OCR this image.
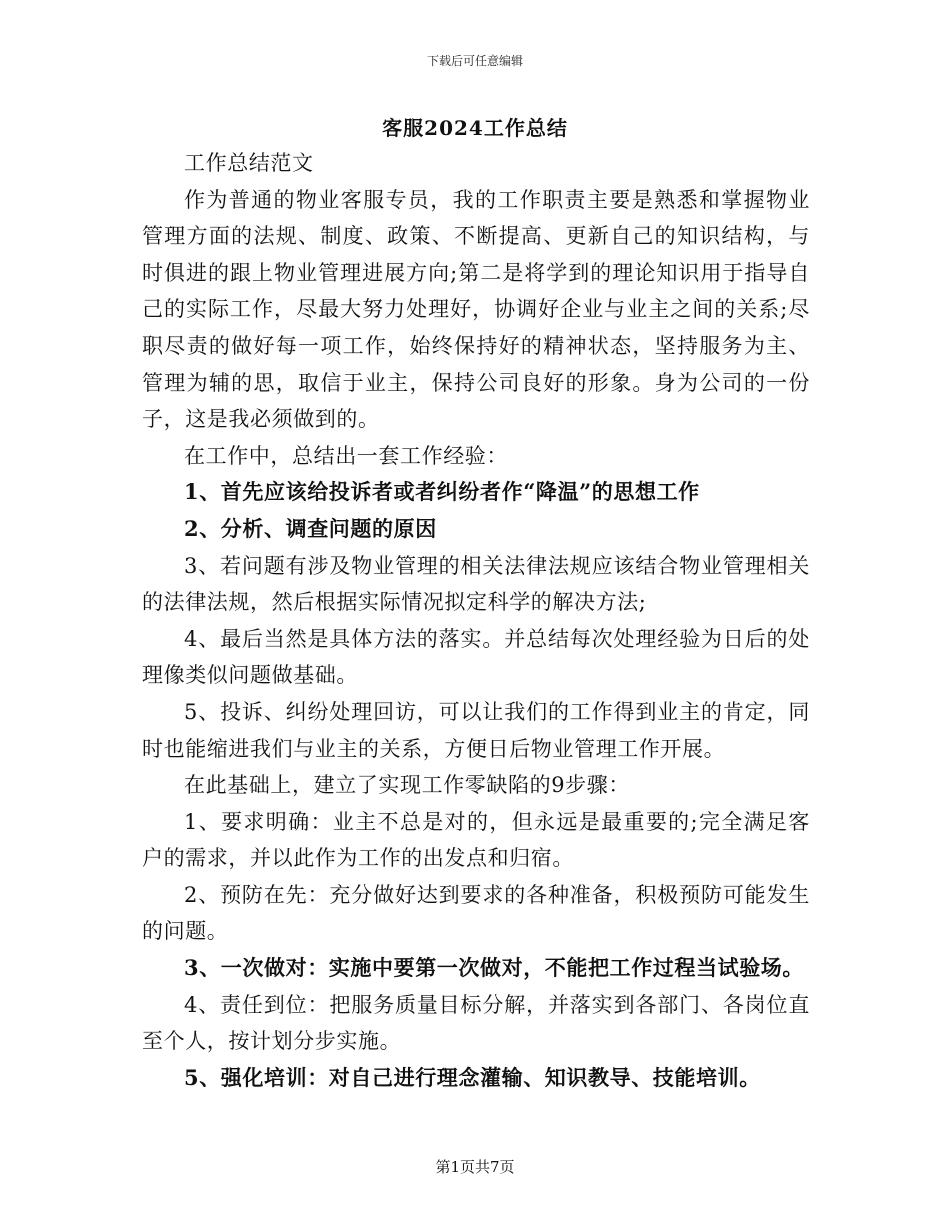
下载后可任意编辑
客服2024工作总结

工作总结范文

作为普通的物业客服专员，我的工作职责主要是熟悉和掌握物业管理方面的法规、制度、政策、不断提高、更新自己的知识结构，与时俱进的跟上物业管理进展方向;第二是将学到的理论知识用于指导自己的实际工作，尽最大努力处理好，协调好企业与业主之间的关系;尽职尽责的做好每一项工作，始终保持好的精神状态，坚持服务为主、管理为辅的思，取信于业主，保持公司良好的形象。身为公司的一份子，这是我必须做到的。

在工作中，总结出一套工作经验：

1、首先应该给投诉者或者纠纷者作“降温”的思想工作

2、分析、调查问题的原因

3、若问题有涉及物业管理的相关法律法规应该结合物业管理相关的法律法规，然后根据实际情况拟定科学的解决方法;

4、最后当然是具体方法的落实。并总结每次处理经验为日后的处理像类似问题做基础。

5、投诉、纠纷处理回访，可以让我们的工作得到业主的肯定，同时也能缩进我们与业主的关系，方便日后物业管理工作开展。

在此基础上，建立了实现工作零缺陷的9步骤：

1、要求明确：业主不总是对的，但永远是最重要的;完全满足客户的需求，并以此作为工作的出发点和归宿。

2、预防在先：充分做好达到要求的各种准备，积极预防可能发生的问题。

3、一次做对：实施中要第一次做对，不能把工作过程当试验场。

4、责任到位：把服务质量目标分解，并落实到各部门、各岗位直至个人，按计划分步实施。

5、强化培训：对自己进行理念灌输、知识教导、技能培训。

第1页共7页
